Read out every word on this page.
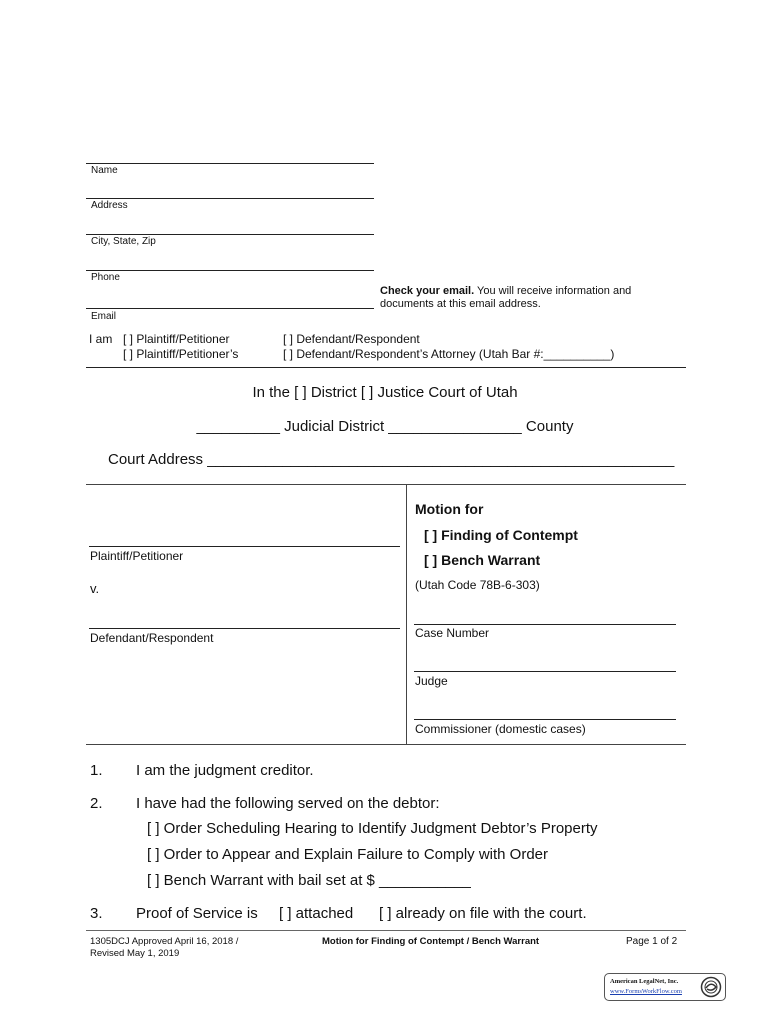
Name
Address
City, State, Zip
Phone
Email
Check your email. You will receive information and
documents at this email address.
I am [ ] Plaintiff/Petitioner	[ ] Defendant/Respondent
[ ] Plaintiff/Petitioner’s	[ ] Defendant/Respondent’s Attorney (Utah Bar #:__________)
In the [ ] District [ ] Justice Court of Utah
__________ Judicial District ________________ County
Court Address ________________________________________________________
Plaintiff/Petitioner
v.
Defendant/Respondent
Motion for
[ ] Finding of Contempt
[ ] Bench Warrant
(Utah Code 78B-6-303)
Case Number
Judge
Commissioner (domestic cases)
1. I am the judgment creditor.
2. I have had the following served on the debtor:
[ ] Order Scheduling Hearing to Identify Judgment Debtor’s Property
[ ] Order to Appear and Explain Failure to Comply with Order
[ ] Bench Warrant with bail set at $ ___________
3. Proof of Service is [ ] attached [ ] already on file with the court.
1305DCJ Approved April 16, 2018 /
Revised May 1, 2019
Motion for Finding of Contempt / Bench Warrant	Page 1 of 2
American LegalNet, Inc.
www.FormsWorkFlow.com
